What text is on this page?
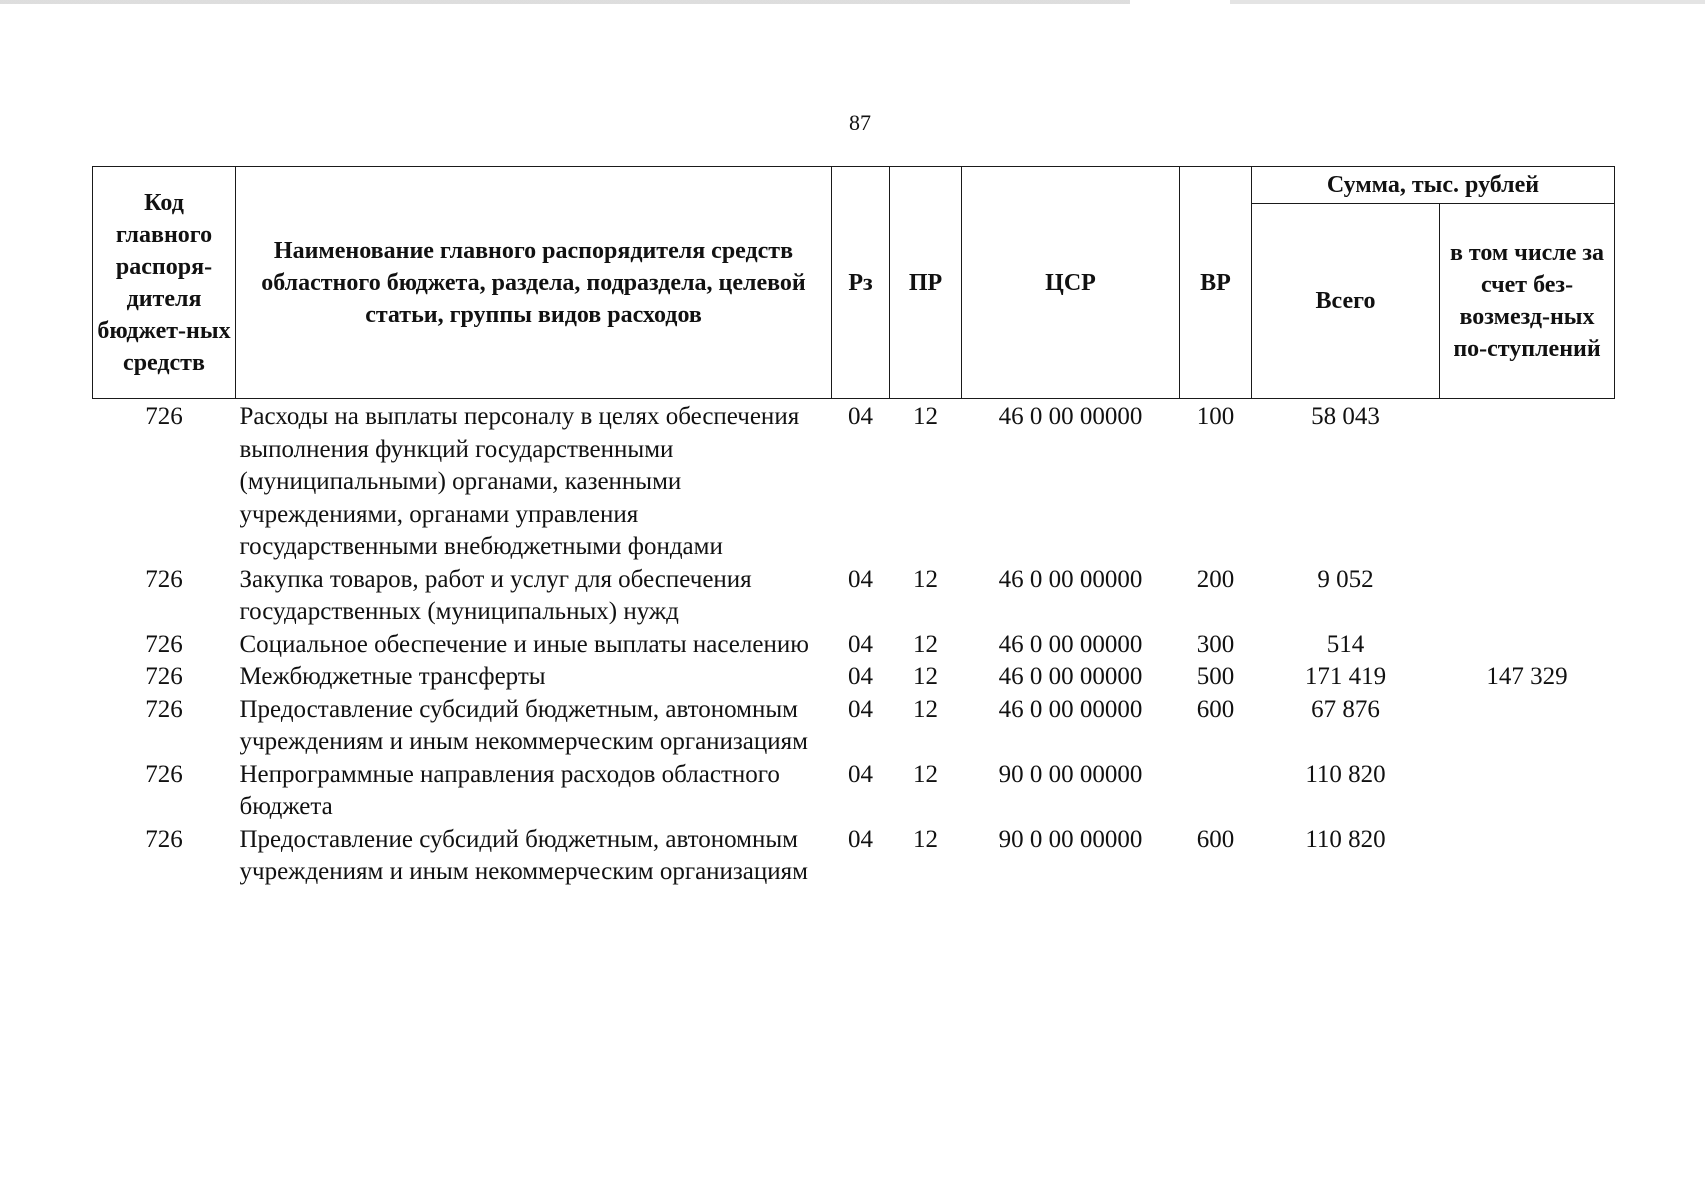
87
Код главного распоря-дителя бюджет-ных средств	Наименование главного распорядителя средств областного бюджета, раздела, подраздела, целевой статьи, группы видов расходов	Рз	ПР	ЦСР	ВР	Сумма, тыс. рублей	
						Всего	в том числе за счет без-возмезд-ных по-ступлений
726	Расходы на выплаты персоналу в целях обеспечения выполнения функций государственными (муниципальными) органами, казенными учреждениями, органами управления государственными внебюджетными фондами	04	12	46 0 00 00000	100	58 043	
726	Закупка товаров, работ и услуг для обеспечения государственных (муниципальных) нужд	04	12	46 0 00 00000	200	9 052	
726	Социальное обеспечение и иные выплаты населению	04	12	46 0 00 00000	300	514	
726	Межбюджетные трансферты	04	12	46 0 00 00000	500	171 419	147 329
726	Предоставление субсидий бюджетным, автономным учреждениям и иным некоммерческим организациям	04	12	46 0 00 00000	600	67 876	
726	Непрограммные направления расходов областного бюджета	04	12	90 0 00 00000		110 820	
726	Предоставление субсидий бюджетным, автономным учреждениям и иным некоммерческим организациям	04	12	90 0 00 00000	600	110 820	
